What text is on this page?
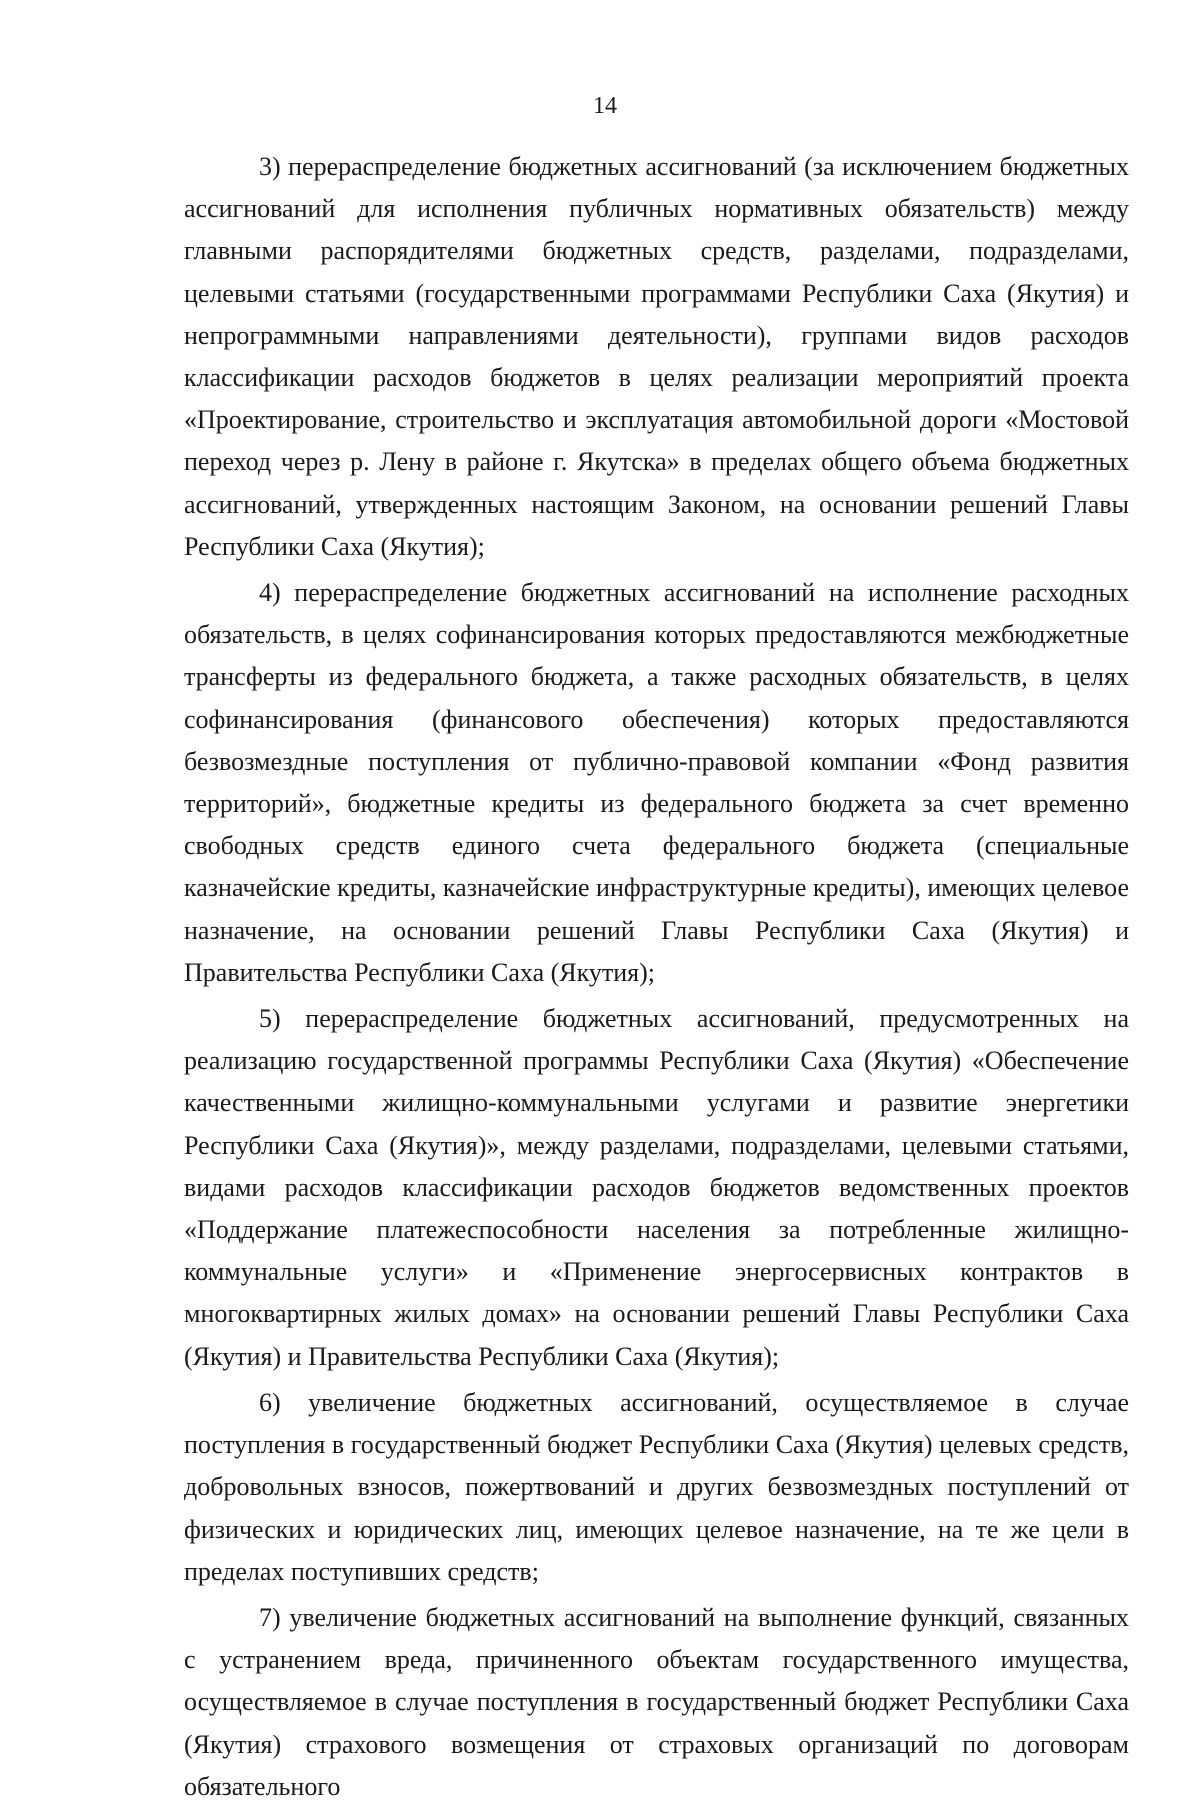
14

3) перераспределение бюджетных ассигнований (за исключением бюджетных ассигнований для исполнения публичных нормативных обязательств) между главными распорядителями бюджетных средств, разделами, подразделами, целевыми статьями (государственными программами Республики Саха (Якутия) и непрограммными направлениями деятельности), группами видов расходов классификации расходов бюджетов в целях реализации мероприятий проекта «Проектирование, строительство и эксплуатация автомобильной дороги «Мостовой переход через р. Лену в районе г. Якутска» в пределах общего объема бюджетных ассигнований, утвержденных настоящим Законом, на основании решений Главы Республики Саха (Якутия);

4) перераспределение бюджетных ассигнований на исполнение расходных обязательств, в целях софинансирования которых предоставляются межбюджетные трансферты из федерального бюджета, а также расходных обязательств, в целях софинансирования (финансового обеспечения) которых предоставляются безвозмездные поступления от публично-правовой компании «Фонд развития территорий», бюджетные кредиты из федерального бюджета за счет временно свободных средств единого счета федерального бюджета (специальные казначейские кредиты, казначейские инфраструктурные кредиты), имеющих целевое назначение, на основании решений Главы Республики Саха (Якутия) и Правительства Республики Саха (Якутия);

5) перераспределение бюджетных ассигнований, предусмотренных на реализацию государственной программы Республики Саха (Якутия) «Обеспечение качественными жилищно-коммунальными услугами и развитие энергетики Республики Саха (Якутия)», между разделами, подразделами, целевыми статьями, видами расходов классификации расходов бюджетов ведомственных проектов «Поддержание платежеспособности населения за потребленные жилищно-коммунальные услуги» и «Применение энергосервисных контрактов в многоквартирных жилых домах» на основании решений Главы Республики Саха (Якутия) и Правительства Республики Саха (Якутия);

6) увеличение бюджетных ассигнований, осуществляемое в случае поступления в государственный бюджет Республики Саха (Якутия) целевых средств, добровольных взносов, пожертвований и других безвозмездных поступлений от физических и юридических лиц, имеющих целевое назначение, на те же цели в пределах поступивших средств;

7) увеличение бюджетных ассигнований на выполнение функций, связанных с устранением вреда, причиненного объектам государственного имущества, осуществляемое в случае поступления в государственный бюджет Республики Саха (Якутия) страхового возмещения от страховых организаций по договорам обязательного
